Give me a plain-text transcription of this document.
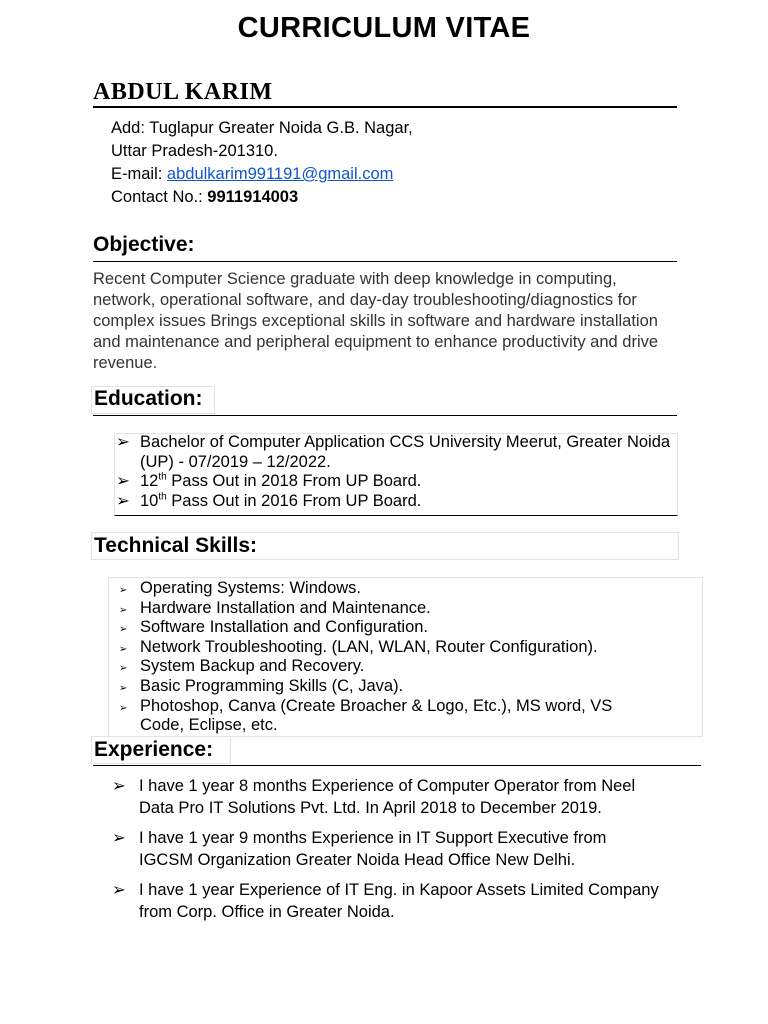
CURRICULUM VITAE
ABDUL KARIM
Add: Tuglapur Greater Noida G.B. Nagar,
Uttar Pradesh-201310.
E-mail: abdulkarim991191@gmail.com
Contact No.: 9911914003
Objective:
Recent Computer Science graduate with deep knowledge in computing, network, operational software, and day-day troubleshooting/diagnostics for complex issues Brings exceptional skills in software and hardware installation and maintenance and peripheral equipment to enhance productivity and drive revenue.
Education:
➢ Bachelor of Computer Application CCS University Meerut, Greater Noida (UP) - 07/2019 – 12/2022.
➢ 12th Pass Out in 2018 From UP Board.
➢ 10th Pass Out in 2016 From UP Board.
Technical Skills:
➢ Operating Systems: Windows.
➢ Hardware Installation and Maintenance.
➢ Software Installation and Configuration.
➢ Network Troubleshooting. (LAN, WLAN, Router Configuration).
➢ System Backup and Recovery.
➢ Basic Programming Skills (C, Java).
➢ Photoshop, Canva (Create Broacher & Logo, Etc.), MS word, VS Code, Eclipse, etc.
Experience:
➢ I have 1 year 8 months Experience of Computer Operator from Neel Data Pro IT Solutions Pvt. Ltd. In April 2018 to December 2019.
➢ I have 1 year 9 months Experience in IT Support Executive from IGCSM Organization Greater Noida Head Office New Delhi.
➢ I have 1 year Experience of IT Eng. in Kapoor Assets Limited Company from Corp. Office in Greater Noida.
